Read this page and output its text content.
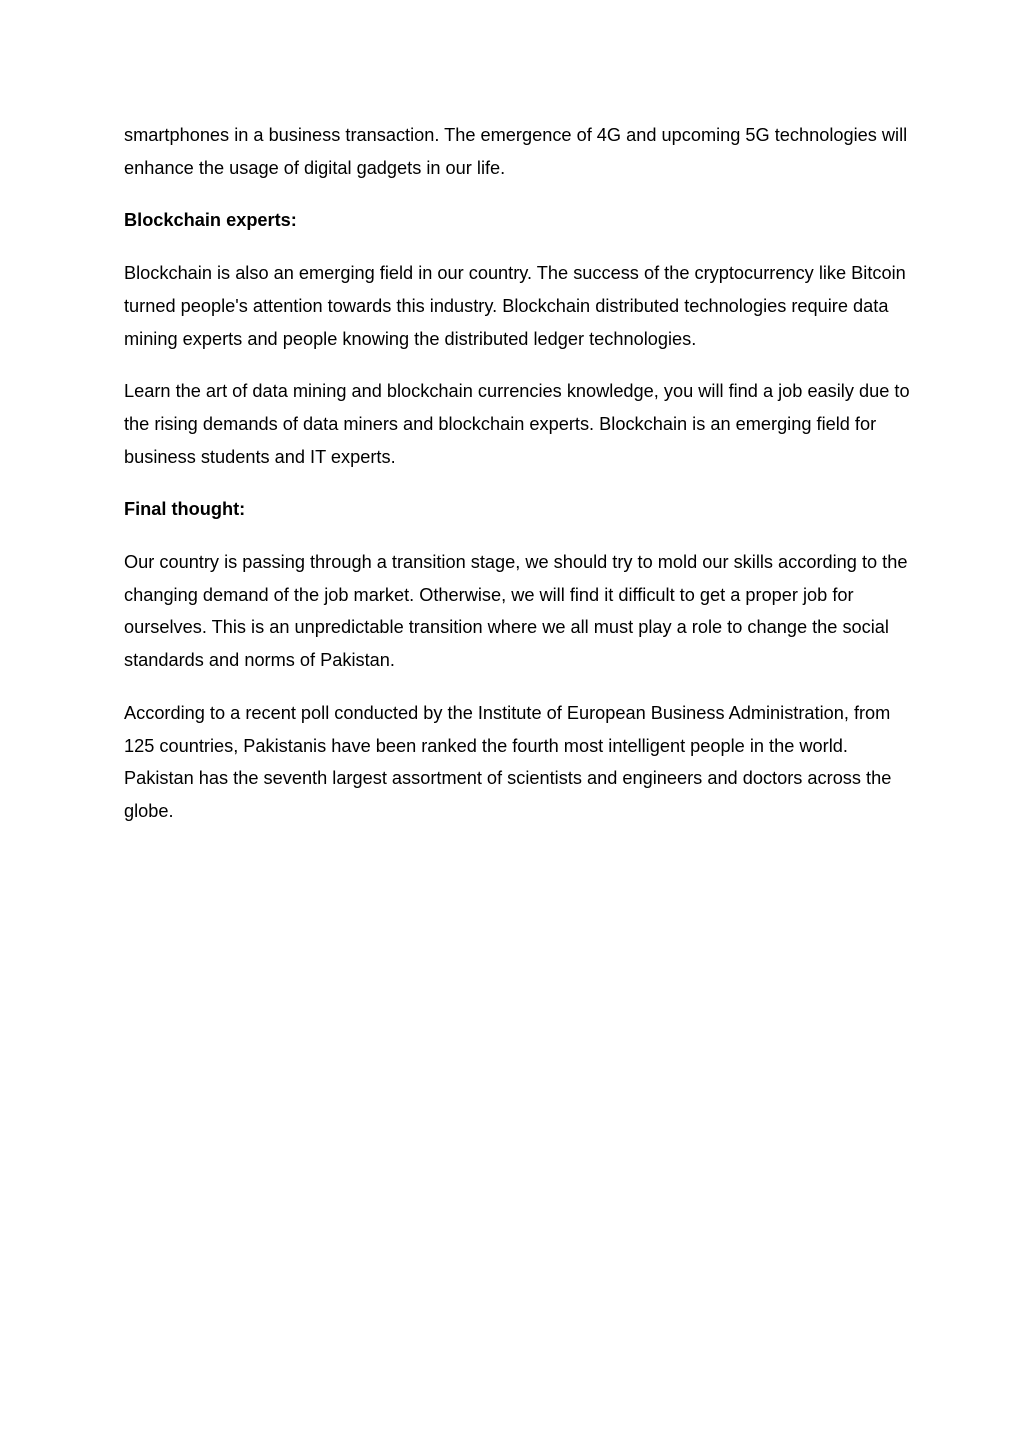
smartphones in a business transaction. The emergence of 4G and upcoming 5G technologies will enhance the usage of digital gadgets in our life.

Blockchain experts:

Blockchain is also an emerging field in our country. The success of the cryptocurrency like Bitcoin turned people's attention towards this industry. Blockchain distributed technologies require data mining experts and people knowing the distributed ledger technologies.

Learn the art of data mining and blockchain currencies knowledge, you will find a job easily due to the rising demands of data miners and blockchain experts. Blockchain is an emerging field for business students and IT experts.

Final thought:

Our country is passing through a transition stage, we should try to mold our skills according to the changing demand of the job market. Otherwise, we will find it difficult to get a proper job for ourselves. This is an unpredictable transition where we all must play a role to change the social standards and norms of Pakistan.

According to a recent poll conducted by the Institute of European Business Administration, from 125 countries, Pakistanis have been ranked the fourth most intelligent people in the world. Pakistan has the seventh largest assortment of scientists and engineers and doctors across the globe.
